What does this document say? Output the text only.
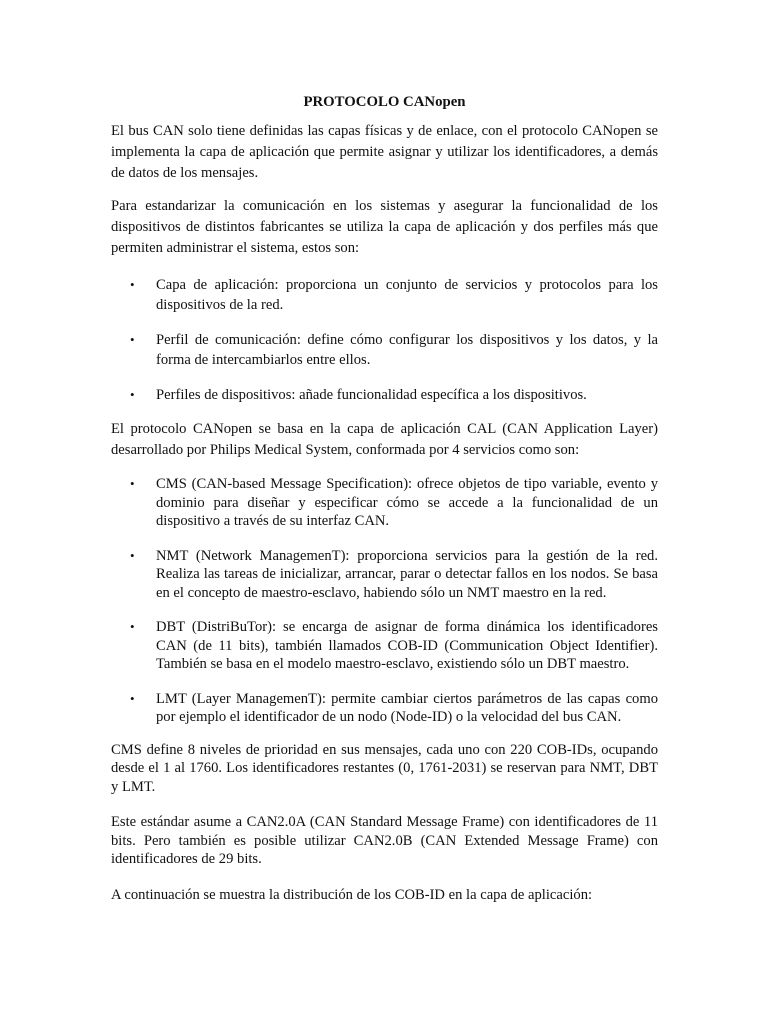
PROTOCOLO CANopen

El bus CAN solo tiene definidas las capas físicas y de enlace, con el protocolo CANopen se implementa la capa de aplicación que permite asignar y utilizar los identificadores, a demás de datos de los mensajes.

Para estandarizar la comunicación en los sistemas y asegurar la funcionalidad de los dispositivos de distintos fabricantes se utiliza la capa de aplicación y dos perfiles más que permiten administrar el sistema, estos son:

• Capa de aplicación: proporciona un conjunto de servicios y protocolos para los dispositivos de la red.
• Perfil de comunicación: define cómo configurar los dispositivos y los datos, y la forma de intercambiarlos entre ellos.
• Perfiles de dispositivos: añade funcionalidad específica a los dispositivos.

El protocolo CANopen se basa en la capa de aplicación CAL (CAN Application Layer) desarrollado por Philips Medical System, conformada por 4 servicios como son:

• CMS (CAN-based Message Specification): ofrece objetos de tipo variable, evento y dominio para diseñar y especificar cómo se accede a la funcionalidad de un dispositivo a través de su interfaz CAN.
• NMT (Network ManagemenT): proporciona servicios para la gestión de la red. Realiza las tareas de inicializar, arrancar, parar o detectar fallos en los nodos. Se basa en el concepto de maestro-esclavo, habiendo sólo un NMT maestro en la red.
• DBT (DistriBuTor): se encarga de asignar de forma dinámica los identificadores CAN (de 11 bits), también llamados COB-ID (Communication Object Identifier). También se basa en el modelo maestro-esclavo, existiendo sólo un DBT maestro.
• LMT (Layer ManagemenT): permite cambiar ciertos parámetros de las capas como por ejemplo el identificador de un nodo (Node-ID) o la velocidad del bus CAN.

CMS define 8 niveles de prioridad en sus mensajes, cada uno con 220 COB-IDs, ocupando desde el 1 al 1760. Los identificadores restantes (0, 1761-2031) se reservan para NMT, DBT y LMT.

Este estándar asume a CAN2.0A (CAN Standard Message Frame) con identificadores de 11 bits. Pero también es posible utilizar CAN2.0B (CAN Extended Message Frame) con identificadores de 29 bits.

A continuación se muestra la distribución de los COB-ID en la capa de aplicación:
